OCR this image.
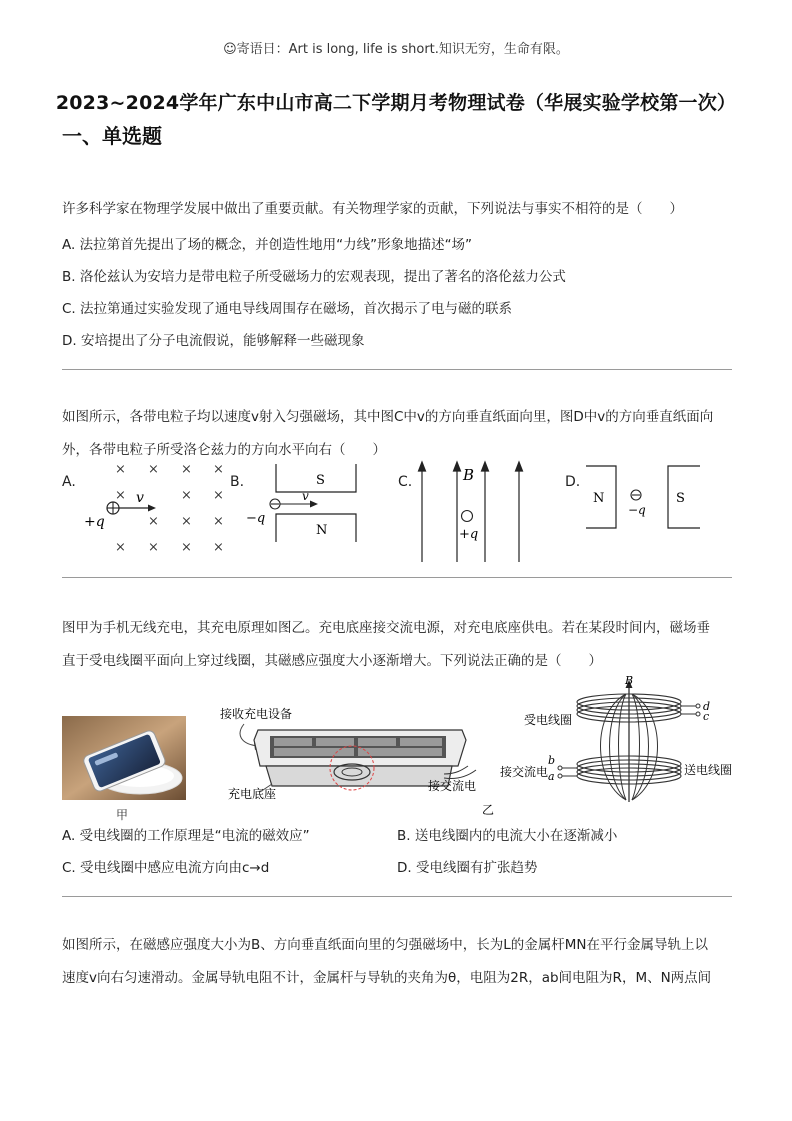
☺寄语日：Art is long, life is short.知识无穷，生命有限。
2023~2024学年广东中山市高二下学期月考物理试卷（华展实验学校第一次）
一、单选题
许多科学家在物理学发展中做出了重要贡献。有关物理学家的贡献，下列说法与事实不相符的是（　　）
A. 法拉第首先提出了场的概念，并创造性地用“力线”形象地描述“场”
B. 洛伦兹认为安培力是带电粒子所受磁场力的宏观表现，提出了著名的洛伦兹力公式
C. 法拉第通过实验发现了通电导线周围存在磁场，首次揭示了电与磁的联系
D. 安培提出了分子电流假说，能够解释一些磁现象
如图所示，各带电粒子均以速度v射入匀强磁场，其中图C中v的方向垂直纸面向里，图D中v的方向垂直纸面向
外，各带电粒子所受洛仑兹力的方向水平向右（　　）
A.	B.	C.	D.
× × × ×
×	× ×
× × ×
× × × ×
v
+q
S
N
v
−q
B
+q
N	S
−q
图甲为手机无线充电，其充电原理如图乙。充电底座接交流电源，对充电底座供电。若在某段时间内，磁场垂
直于受电线圈平面向上穿过线圈，其磁感应强度大小逐渐增大。下列说法正确的是（　　）
甲
接收充电设备
充电底座
接交流电
乙
B
d
c
b
a
受电线圈
接交流电	送电线圈
A. 受电线圈的工作原理是“电流的磁效应”	B. 送电线圈内的电流大小在逐渐减小
C. 受电线圈中感应电流方向由c→d	D. 受电线圈有扩张趋势
如图所示，在磁感应强度大小为B、方向垂直纸面向里的匀强磁场中，长为L的金属杆MN在平行金属导轨上以
速度v向右匀速滑动。金属导轨电阻不计，金属杆与导轨的夹角为θ，电阻为2R，ab间电阻为R，M、N两点间
